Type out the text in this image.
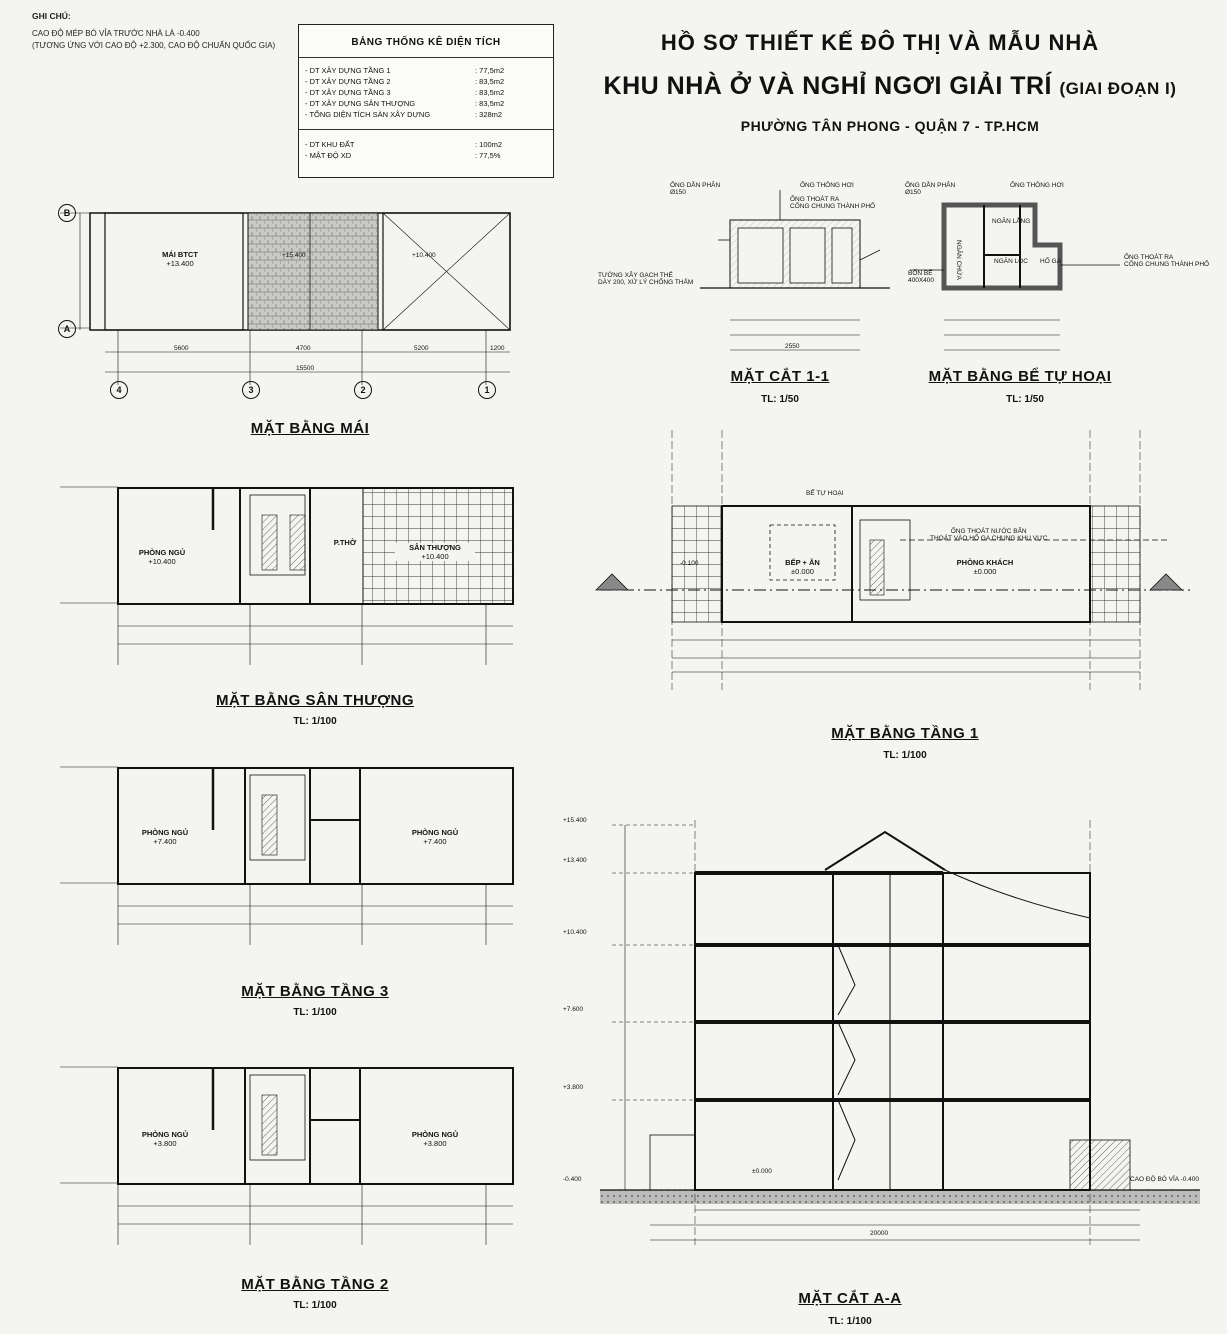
GHI CHÚ:
CAO ĐỘ MÉP BÓ VỈA TRƯỚC NHÀ LÀ -0.400
(TƯƠNG ỨNG VỚI CAO ĐỘ +2.300, CAO ĐỘ CHUẨN QUỐC GIA)	BẢNG THỐNG KÊ DIỆN TÍCH
- DT XÂY DỰNG TẦNG 1	: 77,5m2
- DT XÂY DỰNG TẦNG 2	: 83,5m2
- DT XÂY DỰNG TẦNG 3	: 83,5m2
- DT XÂY DỰNG SÂN THƯỢNG	: 83,5m2
- TỔNG DIỆN TÍCH SÀN XÂY DỰNG	: 328m2
- DT KHU ĐẤT	: 100m2
- MẬT ĐỘ XD	: 77,5%
HỒ SƠ THIẾT KẾ ĐÔ THỊ VÀ MẪU NHÀ
KHU NHÀ Ở VÀ NGHỈ NGƠI GIẢI TRÍ (GIAI ĐOẠN I)
PHƯỜNG TÂN PHONG - QUẬN 7 - TP.HCM
MÁI BTCT
+13.400
+15.400	+10.400
MẶT BẰNG MÁI
PHÒNG NGỦ
+10.400
P.THỜ
SÂN THƯỢNG
+10.400
MẶT BẰNG SÂN THƯỢNG
TL: 1/100
PHÒNG NGỦ
+7.400
PHÒNG NGỦ
+7.400
MẶT BẰNG TẦNG 3
TL: 1/100
PHÒNG NGỦ
+3.800
PHÒNG NGỦ
+3.800
MẶT BẰNG TẦNG 2
TL: 1/100
5600	4700	5200	1200
15500
ỐNG DẪN PHÂN
Ø150
ỐNG THÔNG HƠI
ỐNG THOÁT RA
CỐNG CHUNG THÀNH PHỐ
TƯỜNG XÂY GẠCH THẺ
DÀY 200, XỬ LÝ CHỐNG THẤM
2550
MẶT CẮT 1-1
TL: 1/50
ỐNG DẪN PHÂN
Ø150
ỐNG THÔNG HƠI
NGĂN CHỨA
NGĂN LẮNG
NGĂN LỌC HỐ GA
BỐN BỂ
400X400
ỐNG THOÁT RA
CỐNG CHUNG THÀNH PHỐ
MẶT BẰNG BỂ TỰ HOẠI
TL: 1/50
BỂ TỰ HOẠI
BẾP + ĂN
±0.000
PHÒNG KHÁCH
±0.000
ỐNG THOÁT NƯỚC BẨN
THOÁT VÀO HỐ GA CHUNG KHU VỰC
-0.100
MẶT BẰNG TẦNG 1
TL: 1/100
+15.400
+13.400
+10.400
+7.600
+3.800
-0.400
±0.000
CAO ĐỘ BÓ VỈA -0.400
20000
MẶT CẮT A-A
TL: 1/100
B
A
4	3	2	1
